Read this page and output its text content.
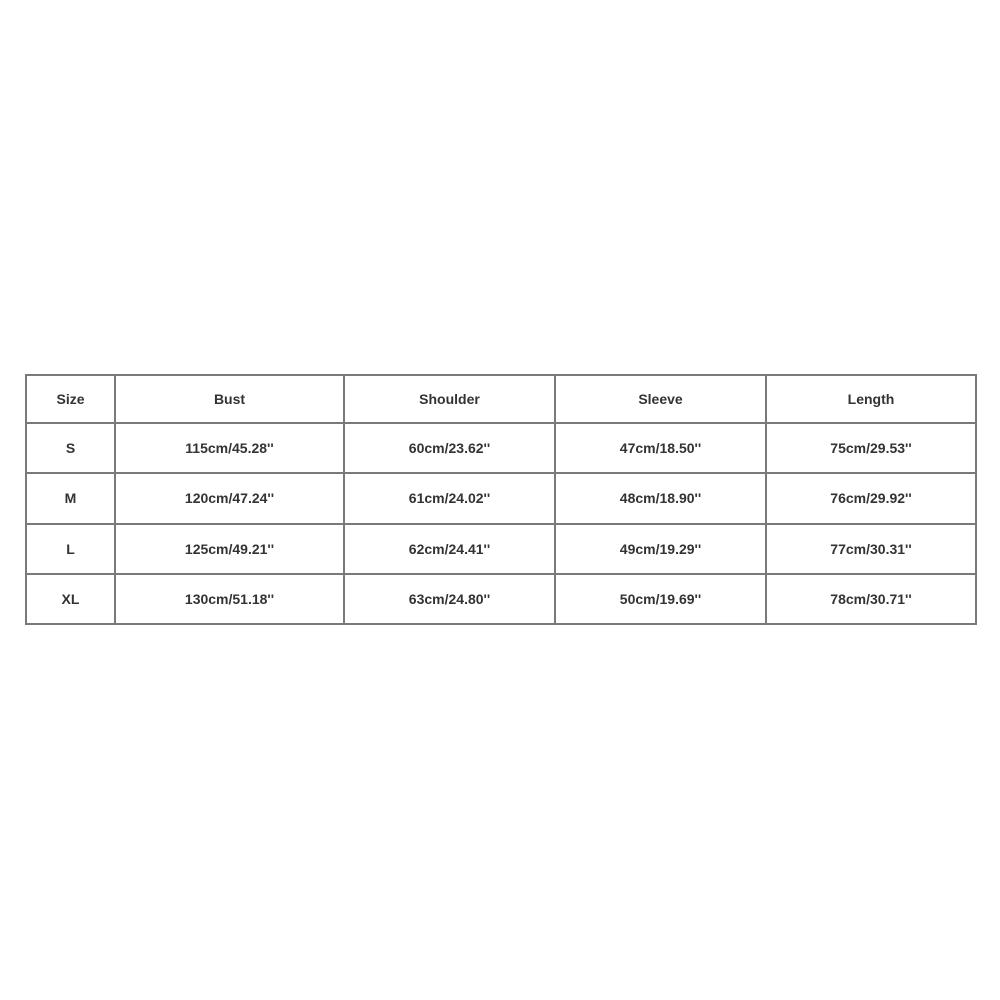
Size	Bust	Shoulder	Sleeve	Length
S	115cm/45.28''	60cm/23.62''	47cm/18.50''	75cm/29.53''
M	120cm/47.24''	61cm/24.02''	48cm/18.90''	76cm/29.92''
L	125cm/49.21''	62cm/24.41''	49cm/19.29''	77cm/30.31''
XL	130cm/51.18''	63cm/24.80''	50cm/19.69''	78cm/30.71''
